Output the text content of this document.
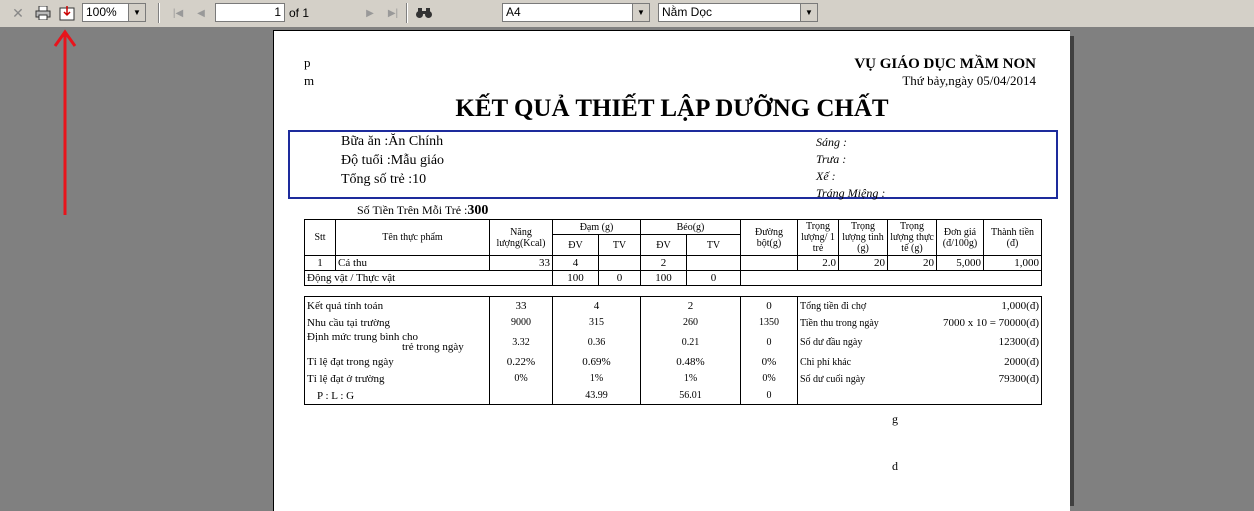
✕	100%	▼	|◀	◀	1 of 1	▶	▶|	A4	▼	Nằm Dọc	▼
p
m
VỤ GIÁO DỤC MẦM NON
Thứ bảy,ngày 05/04/2014
KẾT QUẢ THIẾT LẬP DƯỠNG CHẤT
Bữa ăn :Ăn Chính
Độ tuổi :Mẫu giáo
Tổng số trẻ :10
Sáng :
Trưa :
Xế :
Tráng Miệng :
Số Tiền Trên Mỗi Trẻ :300
Stt	Tên thực phẩm	Năng lượng(Kcal)	Đạm (g)		Béo(g)		Đường bột(g)	Trọng lượng/ 1 trẻ	Trọng lượng tinh (g)	Trọng lượng thực tế (g)	Đơn giá (đ/100g)	Thành tiền (đ)
			ĐV	TV	ĐV	TV						
1	Cá thu	33	4		2			2.0	20	20	5,000	1,000
Động vật / Thực vật			100	0	100	0						
Kết quả tính toán	33	4	2	0	Tổng tiền đi chợ 1,000(đ)

Nhu cầu tại trường	9000	315	260	1350	Tiền thu trong ngày 7000 x 10 = 70000(đ)

Định mức trung bình cho
trẻ trong ngày	3.32	0.36	0.21	0	Số dư đầu ngày 12300(đ)

Tỉ lệ đạt trong ngày	0.22%	0.69%	0.48%	0%	Chi phí khác 2000(đ)

Tỉ lệ đạt ở trường	0%	1%	1%	0%	Số dư cuối ngày 79300(đ)

P : L : G		43.99	56.01	0	
g
d
